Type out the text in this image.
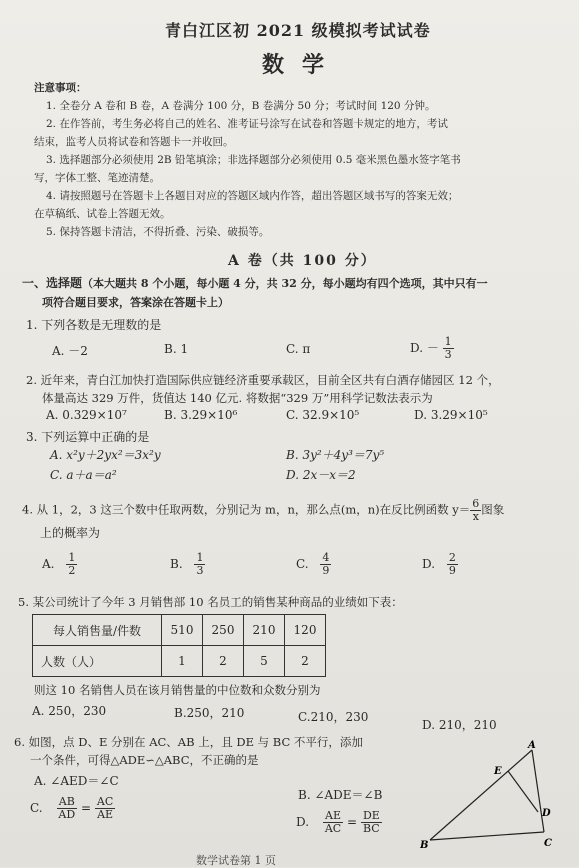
青白江区初 2021 级模拟考试试卷
数学
注意事项：
1. 全卷分 A 卷和 B 卷，A 卷满分 100 分，B 卷满分 50 分；考试时间 120 分钟。
2. 在作答前，考生务必将自己的姓名、准考证号涂写在试卷和答题卡规定的地方，考试
结束，监考人员将试卷和答题卡一并收回。
3. 选择题部分必须使用 2B 铅笔填涂；非选择题部分必须使用 0.5 毫米黑色墨水签字笔书
写，字体工整、笔迹清楚。
4. 请按照题号在答题卡上各题目对应的答题区域内作答，超出答题区域书写的答案无效；
在草稿纸、试卷上答题无效。
5. 保持答题卡清洁，不得折叠、污染、破损等。
A 卷（共 100 分）
一、选择题（本大题共 8 个小题，每小题 4 分，共 32 分，每小题均有四个选项，其中只有一
项符合题目要求，答案涂在答题卡上）
1. 下列各数是无理数的是
A. －2	B. 1	C. π	D. － $\frac{1}{3}$
2. 近年来，青白江加快打造国际供应链经济重要承载区，目前全区共有白酒存储园区 12 个，
体量高达 329 万件，货值达 140 亿元. 将数据“329 万”用科学记数法表示为
A. 0.329×10⁷	B. 3.29×10⁶	C. 32.9×10⁵	D. 3.29×10⁵
3. 下列运算中正确的是
A. x²y＋2yx²＝3x²y	B. 3y²＋4y³＝7y⁵
C. a＋a＝a²	D. 2x－x＝2
4. 从 1，2，3 这三个数中任取两数，分别记为 m，n，那么点(m，n)在反比例函数 $y= \frac{6}{x}$ 图象
上的概率为
A. $\frac{1}{2}$	B. $\frac{1}{3}$	C. $\frac{4}{9}$	D. $\frac{2}{9}$
5. 某公司统计了今年 3 月销售部 10 名员工的销售某种商品的业绩如下表：
每人销售量/件数	510	250	210	120
人数（人）	1	2	5	2
则这 10 名销售人员在该月销售量的中位数和众数分别为
A. 250，230	B.250，210	C.210，230
D. 210，210
6. 如图，点 D、E 分别在 AC、AB 上，且 DE 与 BC 不平行，添加
一个条件，可得△ADE∽△ABC，不正确的是
A. ∠AED＝∠C
B. ∠ADE＝∠B
C. $\frac{AB}{AD} = \frac{AC}{AE}$
D. $\frac{AE}{AC} = \frac{DE}{BC}$
A
B	C
D
E
数学试卷第 1 页
